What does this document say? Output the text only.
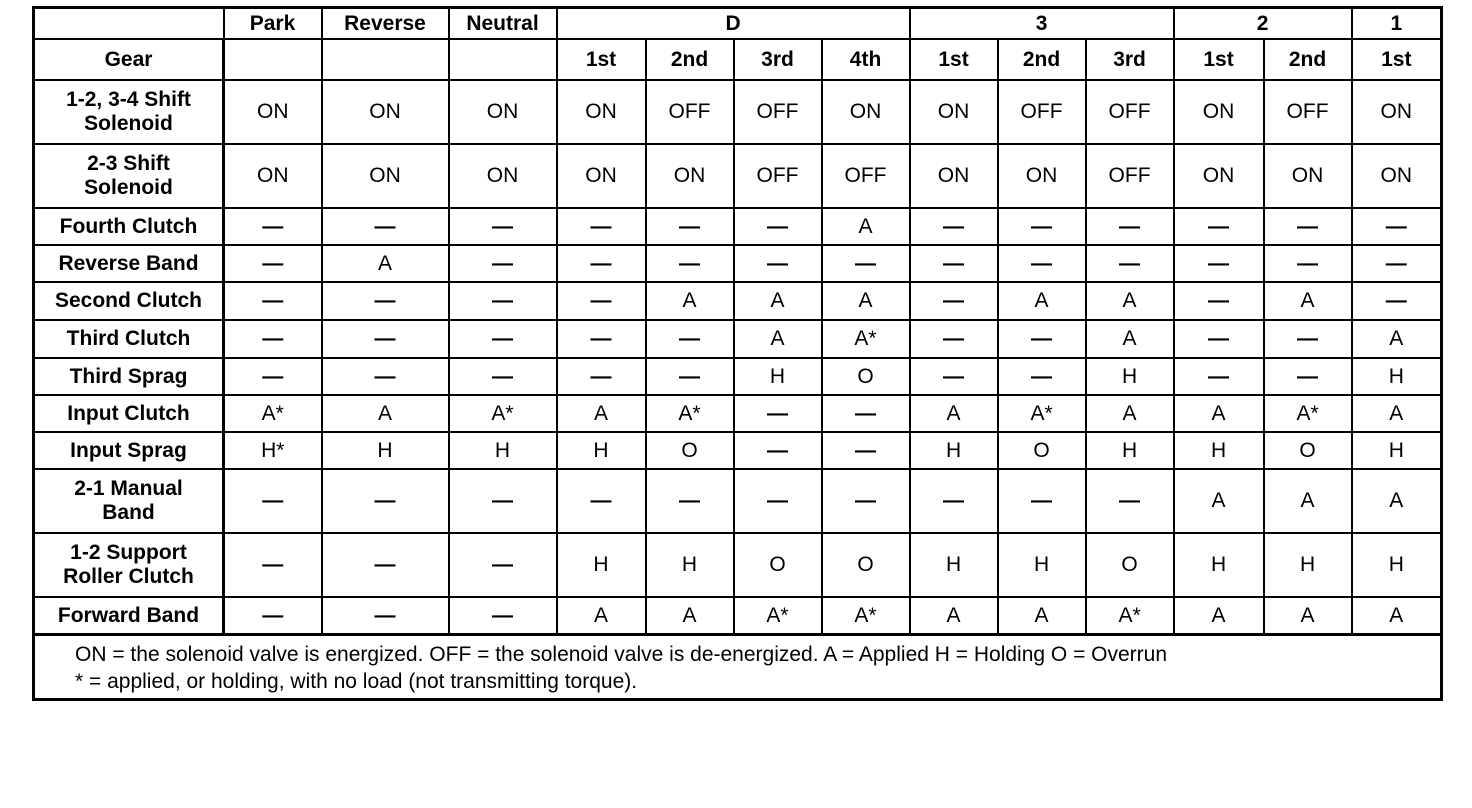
	Park	Reverse	Neutral	D				3			2		1
Gear				1st	2nd	3rd	4th	1st	2nd	3rd	1st	2nd	1st
1-2, 3-4 Shift Solenoid	ON	ON	ON	ON	OFF	OFF	ON	ON	OFF	OFF	ON	OFF	ON
2-3 Shift Solenoid	ON	ON	ON	ON	ON	OFF	OFF	ON	ON	OFF	ON	ON	ON
Fourth Clutch	—	—	—	—	—	—	A	—	—	—	—	—	—
Reverse Band	—	A	—	—	—	—	—	—	—	—	—	—	—
Second Clutch	—	—	—	—	A	A	A	—	A	A	—	A	—
Third Clutch	—	—	—	—	—	A	A*	—	—	A	—	—	A
Third Sprag	—	—	—	—	—	H	O	—	—	H	—	—	H
Input Clutch	A*	A	A*	A	A*	—	—	A	A*	A	A	A*	A
Input Sprag	H*	H	H	H	O	—	—	H	O	H	H	O	H
2-1 Manual Band	—	—	—	—	—	—	—	—	—	—	A	A	A
1-2 Support Roller Clutch	—	—	—	H	H	O	O	H	H	O	H	H	H
Forward Band	—	—	—	A	A	A*	A*	A	A	A*	A	A	A

ON = the solenoid valve is energized. OFF = the solenoid valve is de-energized. A = Applied H = Holding O = Overrun
* = applied, or holding, with no load (not transmitting torque).													
